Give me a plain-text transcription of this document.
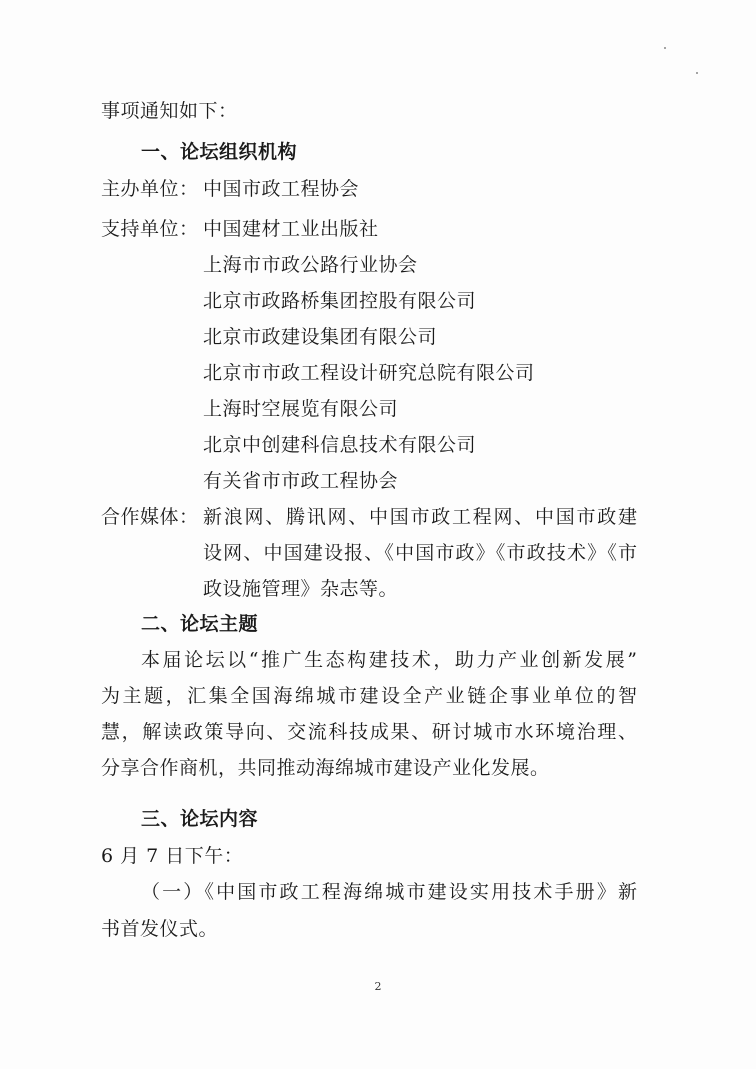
事项通知如下：
一、论坛组织机构
主办单位： 中国市政工程协会
支持单位： 中国建材工业出版社
上海市市政公路行业协会
北京市政路桥集团控股有限公司
北京市政建设集团有限公司
北京市市政工程设计研究总院有限公司
上海时空展览有限公司
北京中创建科信息技术有限公司
有关省市市政工程协会
合作媒体： 新浪网、腾讯网、中国市政工程网、中国市政建
设网、中国建设报、《中国市政》《市政技术》《市
政设施管理》杂志等。
二、论坛主题
本届论坛以“推广生态构建技术，助力产业创新发展”
为主题，汇集全国海绵城市建设全产业链企事业单位的智
慧，解读政策导向、交流科技成果、研讨城市水环境治理、
分享合作商机，共同推动海绵城市建设产业化发展。
三、论坛内容
6 月 7 日下午：
（一）《中国市政工程海绵城市建设实用技术手册》新
书首发仪式。
2
